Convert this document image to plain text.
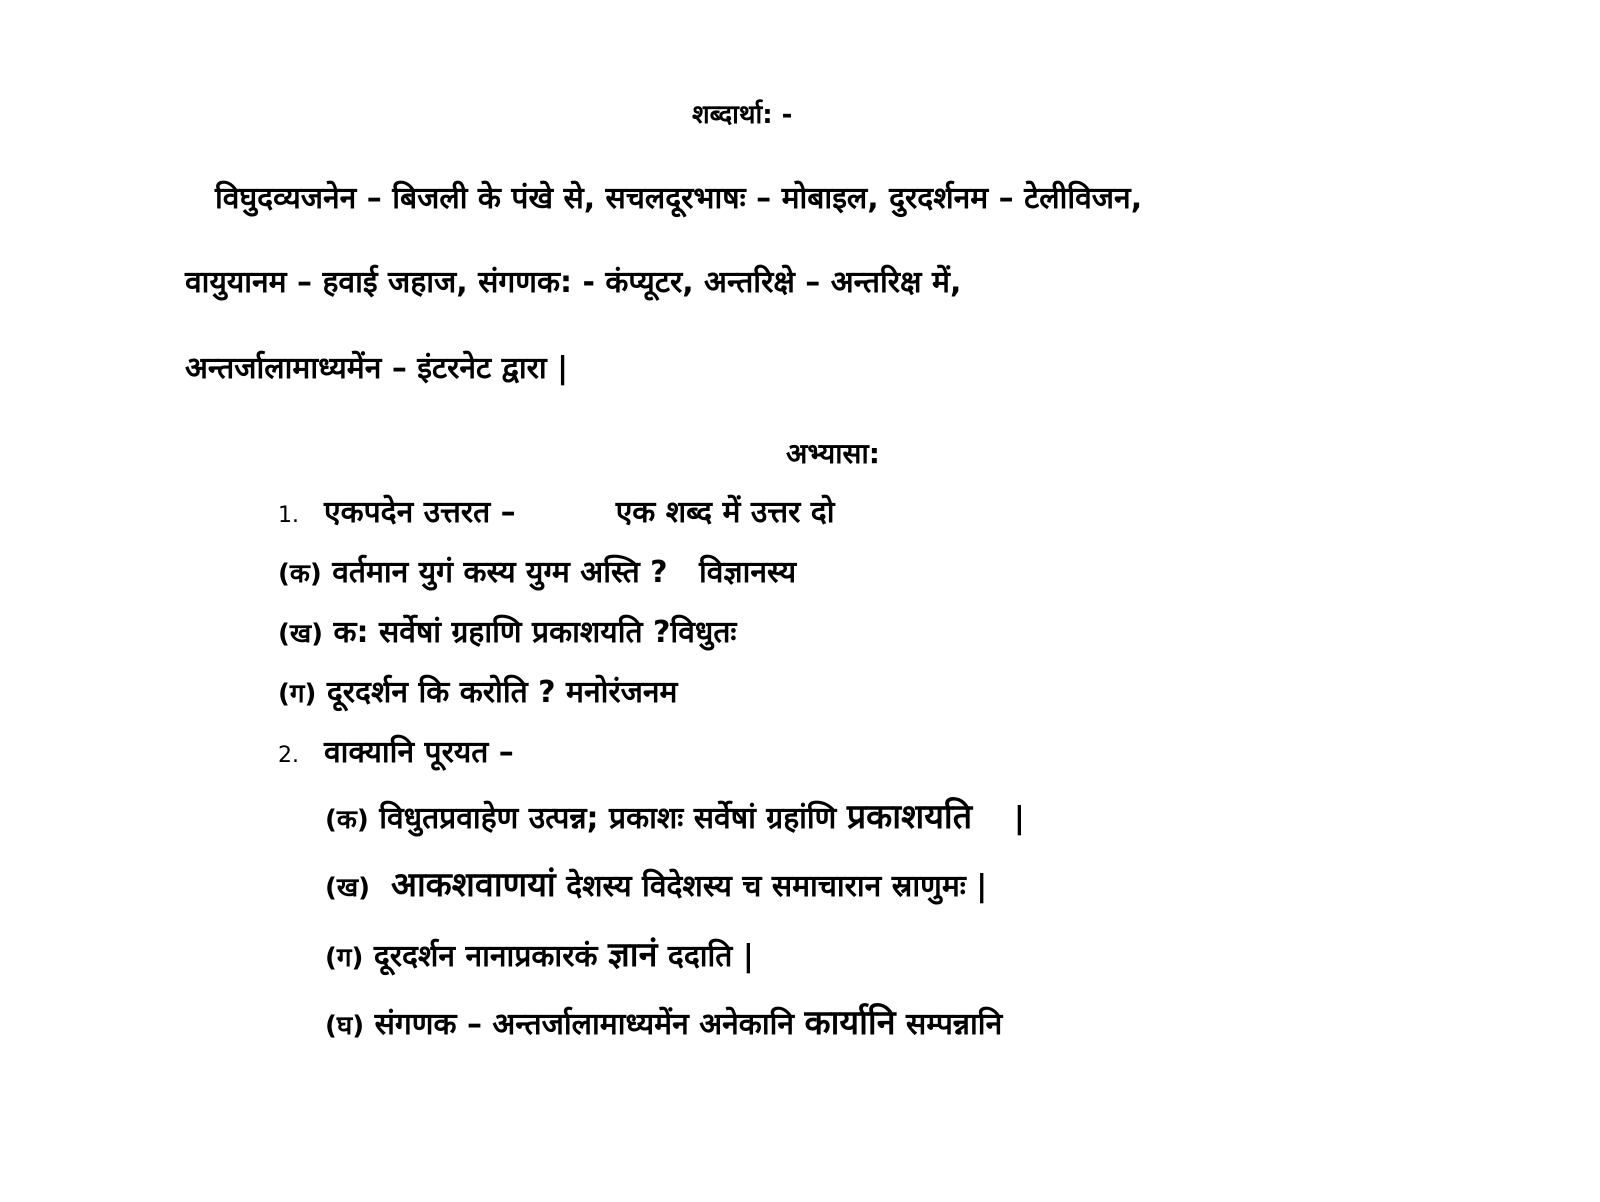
शब्दार्था: -
विघुदव्यजनेन – बिजली के पंखे से, सचलदूरभाषः – मोबाइल, दुरदर्शनम – टेलीविजन,
वायुयानम – हवाई जहाज, संगणक: - कंप्यूटर, अन्तरिक्षे – अन्तरिक्ष में,
अन्तर्जालामाध्यमेंन – इंटरनेट द्वारा |
अभ्यासा:
1. एकपदेन उत्तरत –	एक शब्द में उत्तर दो
(क) वर्तमान युगं कस्य युग्म अस्ति ? विज्ञानस्य
(ख) क: सर्वेषां ग्रहाणि प्रकाशयति ?विधुतः
(ग) दूरदर्शन कि करोति ? मनोरंजनम
2. वाक्यानि पूरयत –
(क) विधुतप्रवाहेण उत्पन्न; प्रकाशः सर्वेषां ग्रहांणि प्रकाशयति |
(ख) आकशवाणयां देशस्य विदेशस्य च समाचारान स्राणुमः |
(ग) दूरदर्शन नानाप्रकारकं ज्ञानं ददाति |
(घ) संगणक – अन्तर्जालामाध्यमेंन अनेकानि कार्यानि सम्पन्नानि
